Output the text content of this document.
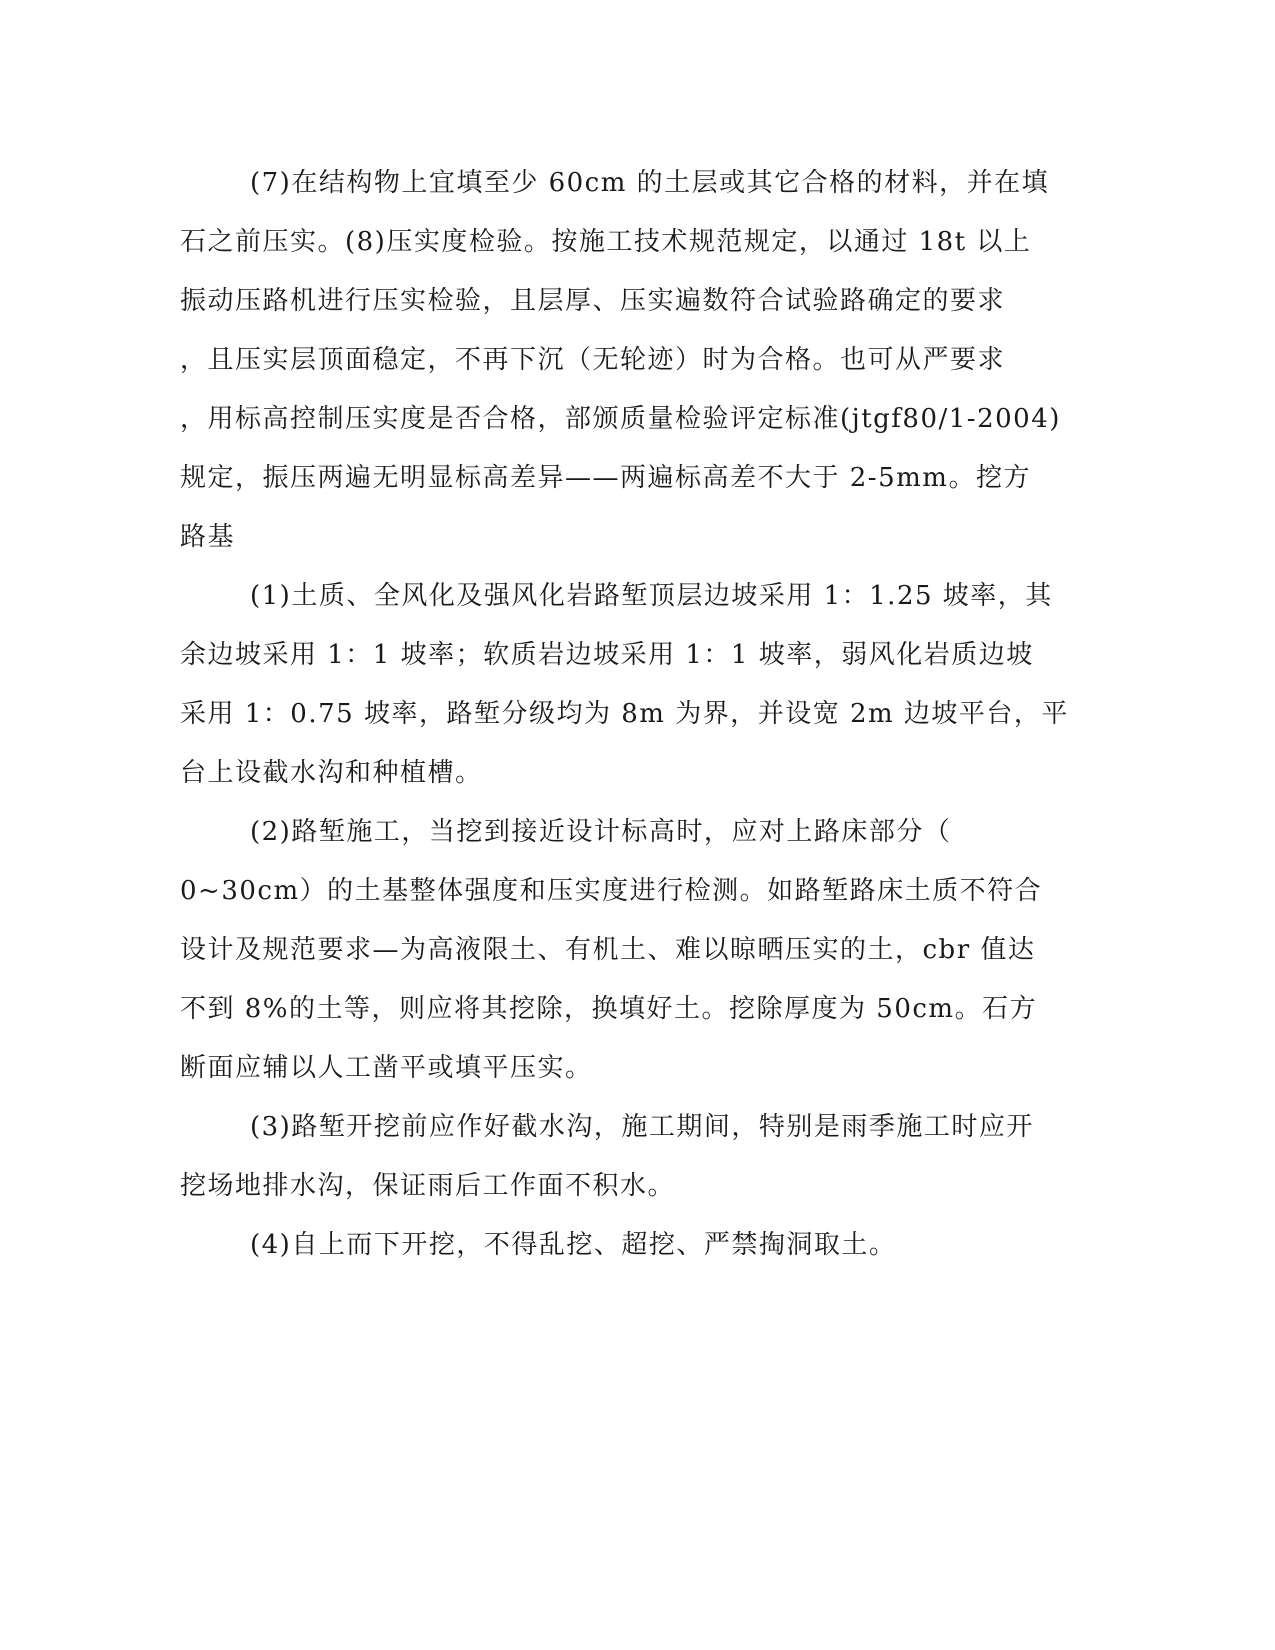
(7)在结构物上宜填至少 60cm 的土层或其它合格的材料，并在填
石之前压实。(8)压实度检验。按施工技术规范规定，以通过 18t 以上
振动压路机进行压实检验，且层厚、压实遍数符合试验路确定的要求
，且压实层顶面稳定，不再下沉（无轮迹）时为合格。也可从严要求
，用标高控制压实度是否合格，部颁质量检验评定标准(jtgf80/1-2004)
规定，振压两遍无明显标高差异——两遍标高差不大于 2-5mm。挖方
路基
(1)土质、全风化及强风化岩路堑顶层边坡采用 1：1.25 坡率，其
余边坡采用 1：1 坡率；软质岩边坡采用 1：1 坡率，弱风化岩质边坡
采用 1：0.75 坡率，路堑分级均为 8m 为界，并设宽 2m 边坡平台，平
台上设截水沟和种植槽。
(2)路堑施工，当挖到接近设计标高时，应对上路床部分（
0~30cm）的土基整体强度和压实度进行检测。如路堑路床土质不符合
设计及规范要求—为高液限土、有机土、难以晾晒压实的土，cbr 值达
不到 8%的土等，则应将其挖除，换填好土。挖除厚度为 50cm。石方
断面应辅以人工凿平或填平压实。
(3)路堑开挖前应作好截水沟，施工期间，特别是雨季施工时应开
挖场地排水沟，保证雨后工作面不积水。
(4)自上而下开挖，不得乱挖、超挖、严禁掏洞取土。
